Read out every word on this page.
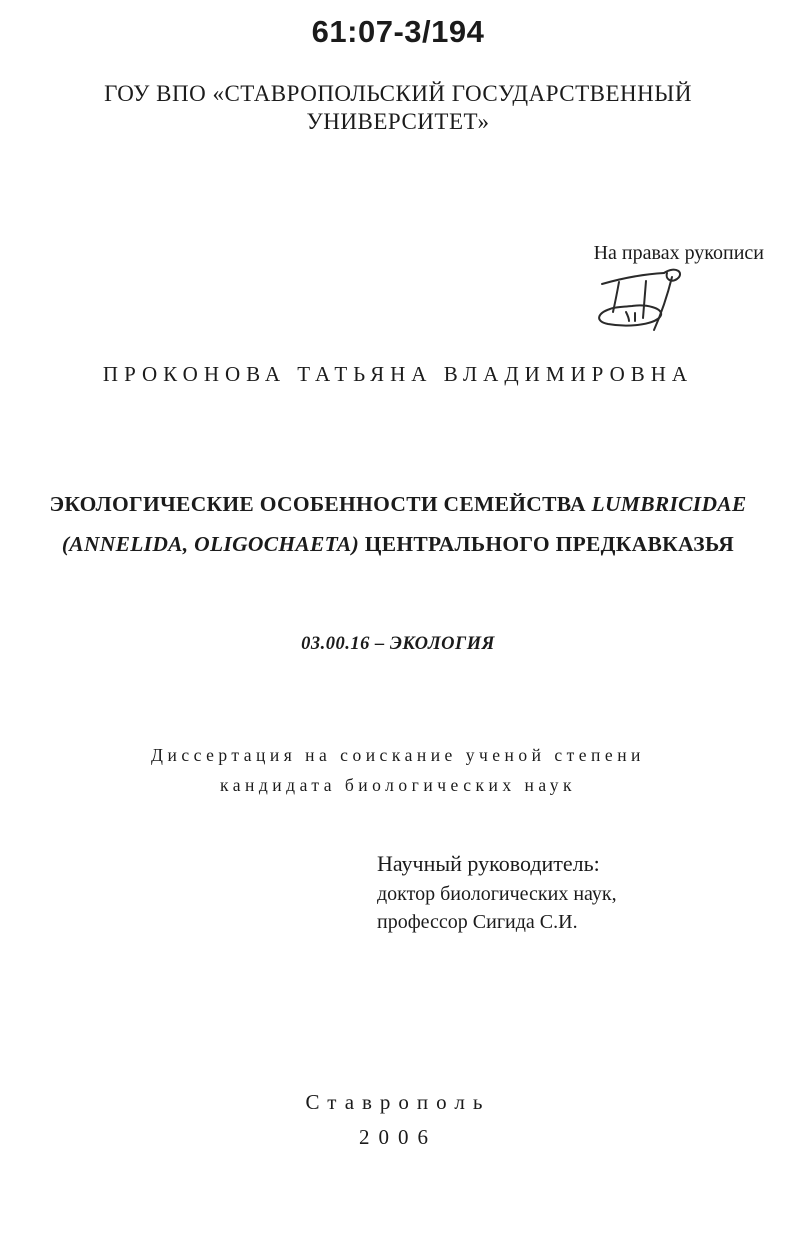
61:07-3/194
ГОУ ВПО «СТАВРОПОЛЬСКИЙ ГОСУДАРСТВЕННЫЙ
УНИВЕРСИТЕТ»
На правах рукописи
ПРОКОНОВА ТАТЬЯНА ВЛАДИМИРОВНА
ЭКОЛОГИЧЕСКИЕ ОСОБЕННОСТИ СЕМЕЙСТВА LUMBRICIDAE
(ANNELIDA, OLIGOCHAETA) ЦЕНТРАЛЬНОГО ПРЕДКАВКАЗЬЯ
03.00.16 – ЭКОЛОГИЯ
Диссертация на соискание ученой степени
кандидата биологических наук
Научный руководитель:
доктор биологических наук,
профессор Сигида С.И.
Ставрополь
2006
